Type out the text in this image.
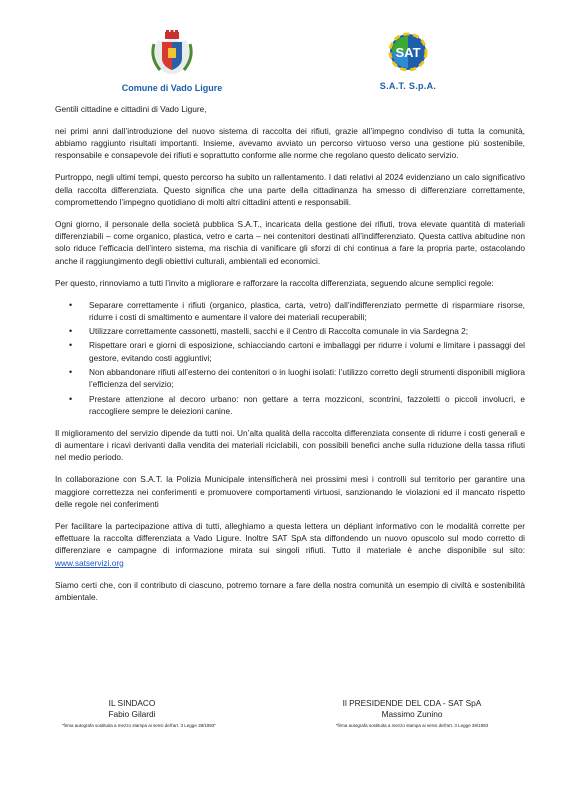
Comune di Vado Ligure
SAT
S.A.T. S.p.A.

Gentili cittadine e cittadini di Vado Ligure,

nei primi anni dall’introduzione del nuovo sistema di raccolta dei rifiuti, grazie all’impegno condiviso di tutta la comunità, abbiamo raggiunto risultati importanti. Insieme, avevamo avviato un percorso virtuoso verso una gestione più sostenibile, responsabile e consapevole dei rifiuti e soprattutto conforme alle norme che regolano questo delicato servizio.

Purtroppo, negli ultimi tempi, questo percorso ha subito un rallentamento. I dati relativi al 2024 evidenziano un calo significativo della raccolta differenziata. Questo significa che una parte della cittadinanza ha smesso di differenziare correttamente, compromettendo l’impegno quotidiano di molti altri cittadini attenti e responsabili.

Ogni giorno, il personale della società pubblica S.A.T., incaricata della gestione dei rifiuti, trova elevate quantità di materiali differenziabili – come organico, plastica, vetro e carta – nei contenitori destinati all’indifferenziato. Questa cattiva abitudine non solo riduce l’efficacia dell’intero sistema, ma rischia di vanificare gli sforzi di chi continua a fare la propria parte, ostacolando anche il raggiungimento degli obiettivi culturali, ambientali ed economici.

Per questo, rinnoviamo a tutti l’invito a migliorare e rafforzare la raccolta differenziata, seguendo alcune semplici regole:

• Separare correttamente i rifiuti (organico, plastica, carta, vetro) dall’indifferenziato permette di risparmiare risorse, ridurre i costi di smaltimento e aumentare il valore dei materiali recuperabili;
• Utilizzare correttamente cassonetti, mastelli, sacchi e il Centro di Raccolta comunale in via Sardegna 2;
• Rispettare orari e giorni di esposizione, schiacciando cartoni e imballaggi per ridurre i volumi e limitare i passaggi del gestore, evitando costi aggiuntivi;
• Non abbandonare rifiuti all’esterno dei contenitori o in luoghi isolati: l’utilizzo corretto degli strumenti disponibili migliora l’efficienza del servizio;
• Prestare attenzione al decoro urbano: non gettare a terra mozziconi, scontrini, fazzoletti o piccoli involucri, e raccogliere sempre le deiezioni canine.

Il miglioramento del servizio dipende da tutti noi. Un’alta qualità della raccolta differenziata consente di ridurre i costi generali e di aumentare i ricavi derivanti dalla vendita dei materiali riciclabili, con possibili benefici anche sulla riduzione della tassa rifiuti nel medio periodo.

In collaborazione con S.A.T. la Polizia Municipale intensificherà nei prossimi mesi i controlli sul territorio per garantire una maggiore correttezza nei conferimenti e promuovere comportamenti virtuosi, sanzionando le violazioni ed il mancato rispetto delle regole nei conferimenti

Per facilitare la partecipazione attiva di tutti, alleghiamo a questa lettera un dépliant informativo con le modalità corrette per effettuare la raccolta differenziata a Vado Ligure. Inoltre SAT SpA sta diffondendo un nuovo opuscolo sul modo corretto di differenziare e campagne di informazione mirata sui singoli rifiuti. Tutto il materiale è anche disponibile sul sito: www.satservizi.org

Siamo certi che, con il contributo di ciascuno, potremo tornare a fare della nostra comunità un esempio di civiltà e sostenibilità ambientale.

IL SINDACO
Fabio Gilardi
“firma autografa sostituita a mezzo stampa ai sensi dell’art. 3 Legge 39/1993”
Il PRESIDENDE DEL CDA - SAT SpA
Massimo Zunino
“firma autografa sostituita a mezzo stampa ai sensi dell’art. 3 Legge 39/1993
